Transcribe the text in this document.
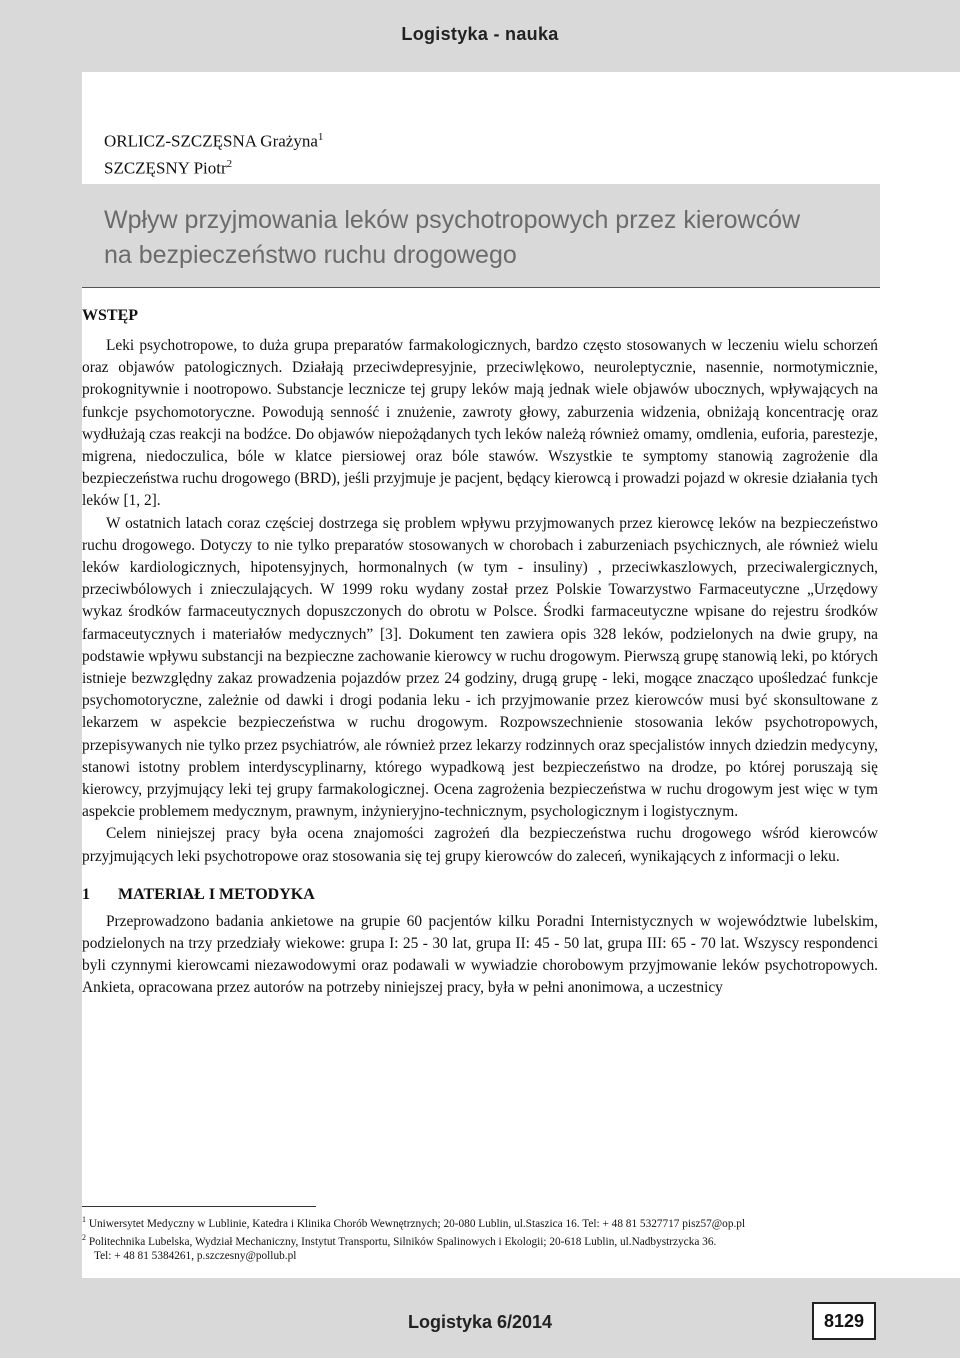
Logistyka - nauka
ORLICZ-SZCZĘSNA Grażyna$^1$
SZCZĘSNY Piotr$^2$
Wpływ przyjmowania leków psychotropowych przez kierowców
na bezpieczeństwo ruchu drogowego
WSTĘP

Leki psychotropowe, to duża grupa preparatów farmakologicznych, bardzo często stosowanych w leczeniu wielu schorzeń oraz objawów patologicznych. Działają przeciwdepresyjnie, przeciwlękowo, neuroleptycznie, nasennie, normotymicznie, prokognitywnie i nootropowo. Substancje lecznicze tej grupy leków mają jednak wiele objawów ubocznych, wpływających na funkcje psychomotoryczne. Powodują senność i znużenie, zawroty głowy, zaburzenia widzenia, obniżają koncentrację oraz wydłużają czas reakcji na bodźce. Do objawów niepożądanych tych leków należą również omamy, omdlenia, euforia, parestezje, migrena, niedoczulica, bóle w klatce piersiowej oraz bóle stawów. Wszystkie te symptomy stanowią zagrożenie dla bezpieczeństwa ruchu drogowego (BRD), jeśli przyjmuje je pacjent, będący kierowcą i prowadzi pojazd w okresie działania tych leków [1, 2].

W ostatnich latach coraz częściej dostrzega się problem wpływu przyjmowanych przez kierowcę leków na bezpieczeństwo ruchu drogowego. Dotyczy to nie tylko preparatów stosowanych w chorobach i zaburzeniach psychicznych, ale również wielu leków kardiologicznych, hipotensyjnych, hormonalnych (w tym - insuliny) , przeciwkaszlowych, przeciwalergicznych, przeciwbólowych i znieczulających. W 1999 roku wydany został przez Polskie Towarzystwo Farmaceutyczne „Urzędowy wykaz środków farmaceutycznych dopuszczonych do obrotu w Polsce. Środki farmaceutyczne wpisane do rejestru środków farmaceutycznych i materiałów medycznych” [3]. Dokument ten zawiera opis 328 leków, podzielonych na dwie grupy, na podstawie wpływu substancji na bezpieczne zachowanie kierowcy w ruchu drogowym. Pierwszą grupę stanowią leki, po których istnieje bezwzględny zakaz prowadzenia pojazdów przez 24 godziny, drugą grupę - leki, mogące znacząco upośledzać funkcje psychomotoryczne, zależnie od dawki i drogi podania leku - ich przyjmowanie przez kierowców musi być skonsultowane z lekarzem w aspekcie bezpieczeństwa w ruchu drogowym. Rozpowszechnienie stosowania leków psychotropowych, przepisywanych nie tylko przez psychiatrów, ale również przez lekarzy rodzinnych oraz specjalistów innych dziedzin medycyny, stanowi istotny problem interdyscyplinarny, którego wypadkową jest bezpieczeństwo na drodze, po której poruszają się kierowcy, przyjmujący leki tej grupy farmakologicznej. Ocena zagrożenia bezpieczeństwa w ruchu drogowym jest więc w tym aspekcie problemem medycznym, prawnym, inżynieryjno-technicznym, psychologicznym i logistycznym.

Celem niniejszej pracy była ocena znajomości zagrożeń dla bezpieczeństwa ruchu drogowego wśród kierowców przyjmujących leki psychotropowe oraz stosowania się tej grupy kierowców do zaleceń, wynikających z informacji o leku.

1 MATERIAŁ I METODYKA

Przeprowadzono badania ankietowe na grupie 60 pacjentów kilku Poradni Internistycznych w województwie lubelskim, podzielonych na trzy przedziały wiekowe: grupa I: 25 - 30 lat, grupa II: 45 - 50 lat, grupa III: 65 - 70 lat. Wszyscy respondenci byli czynnymi kierowcami niezawodowymi oraz podawali w wywiadzie chorobowym przyjmowanie leków psychotropowych. Ankieta, opracowana przez autorów na potrzeby niniejszej pracy, była w pełni anonimowa, a uczestnicy

$^1$ Uniwersytet Medyczny w Lublinie, Katedra i Klinika Chorób Wewnętrznych; 20-080 Lublin, ul.Staszica 16. Tel: + 48 81 5327717 pisz57@op.pl
$^2$ Politechnika Lubelska, Wydział Mechaniczny, Instytut Transportu, Silników Spalinowych i Ekologii; 20-618 Lublin, ul.Nadbystrzycka 36.
Tel: + 48 81 5384261, p.szczesny@pollub.pl
Logistyka 6/2014	8129
